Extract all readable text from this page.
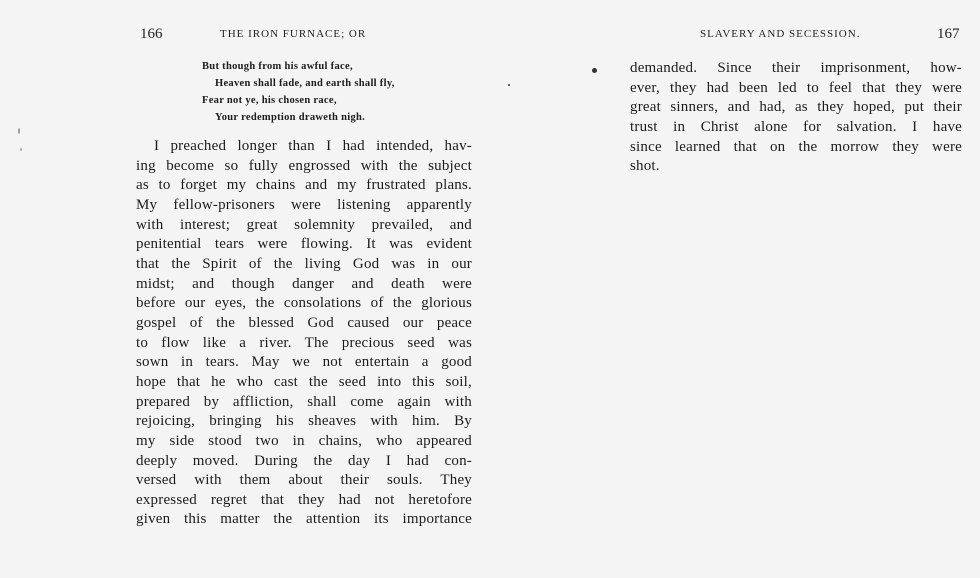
166	THE IRON FURNACE; OR
But though from his awful face,
Heaven shall fade, and earth shall fly,
Fear not ye, his chosen race,
Your redemption draweth nigh.
I preached longer than I had intended, hav-
ing become so fully engrossed with the subject
as to forget my chains and my frustrated plans.
My fellow-prisoners were listening apparently
with interest; great solemnity prevailed, and
penitential tears were flowing. It was evident
that the Spirit of the living God was in our
midst; and though danger and death were
before our eyes, the consolations of the glorious
gospel of the blessed God caused our peace
to flow like a river. The precious seed was
sown in tears. May we not entertain a good
hope that he who cast the seed into this soil,
prepared by affliction, shall come again with
rejoicing, bringing his sheaves with him. By
my side stood two in chains, who appeared
deeply moved. During the day I had con-
versed with them about their souls. They
expressed regret that they had not heretofore
given this matter the attention its importance
SLAVERY AND SECESSION.	167
demanded. Since their imprisonment, how-
ever, they had been led to feel that they were
great sinners, and had, as they hoped, put their
trust in Christ alone for salvation. I have
since learned that on the morrow they were
shot.
